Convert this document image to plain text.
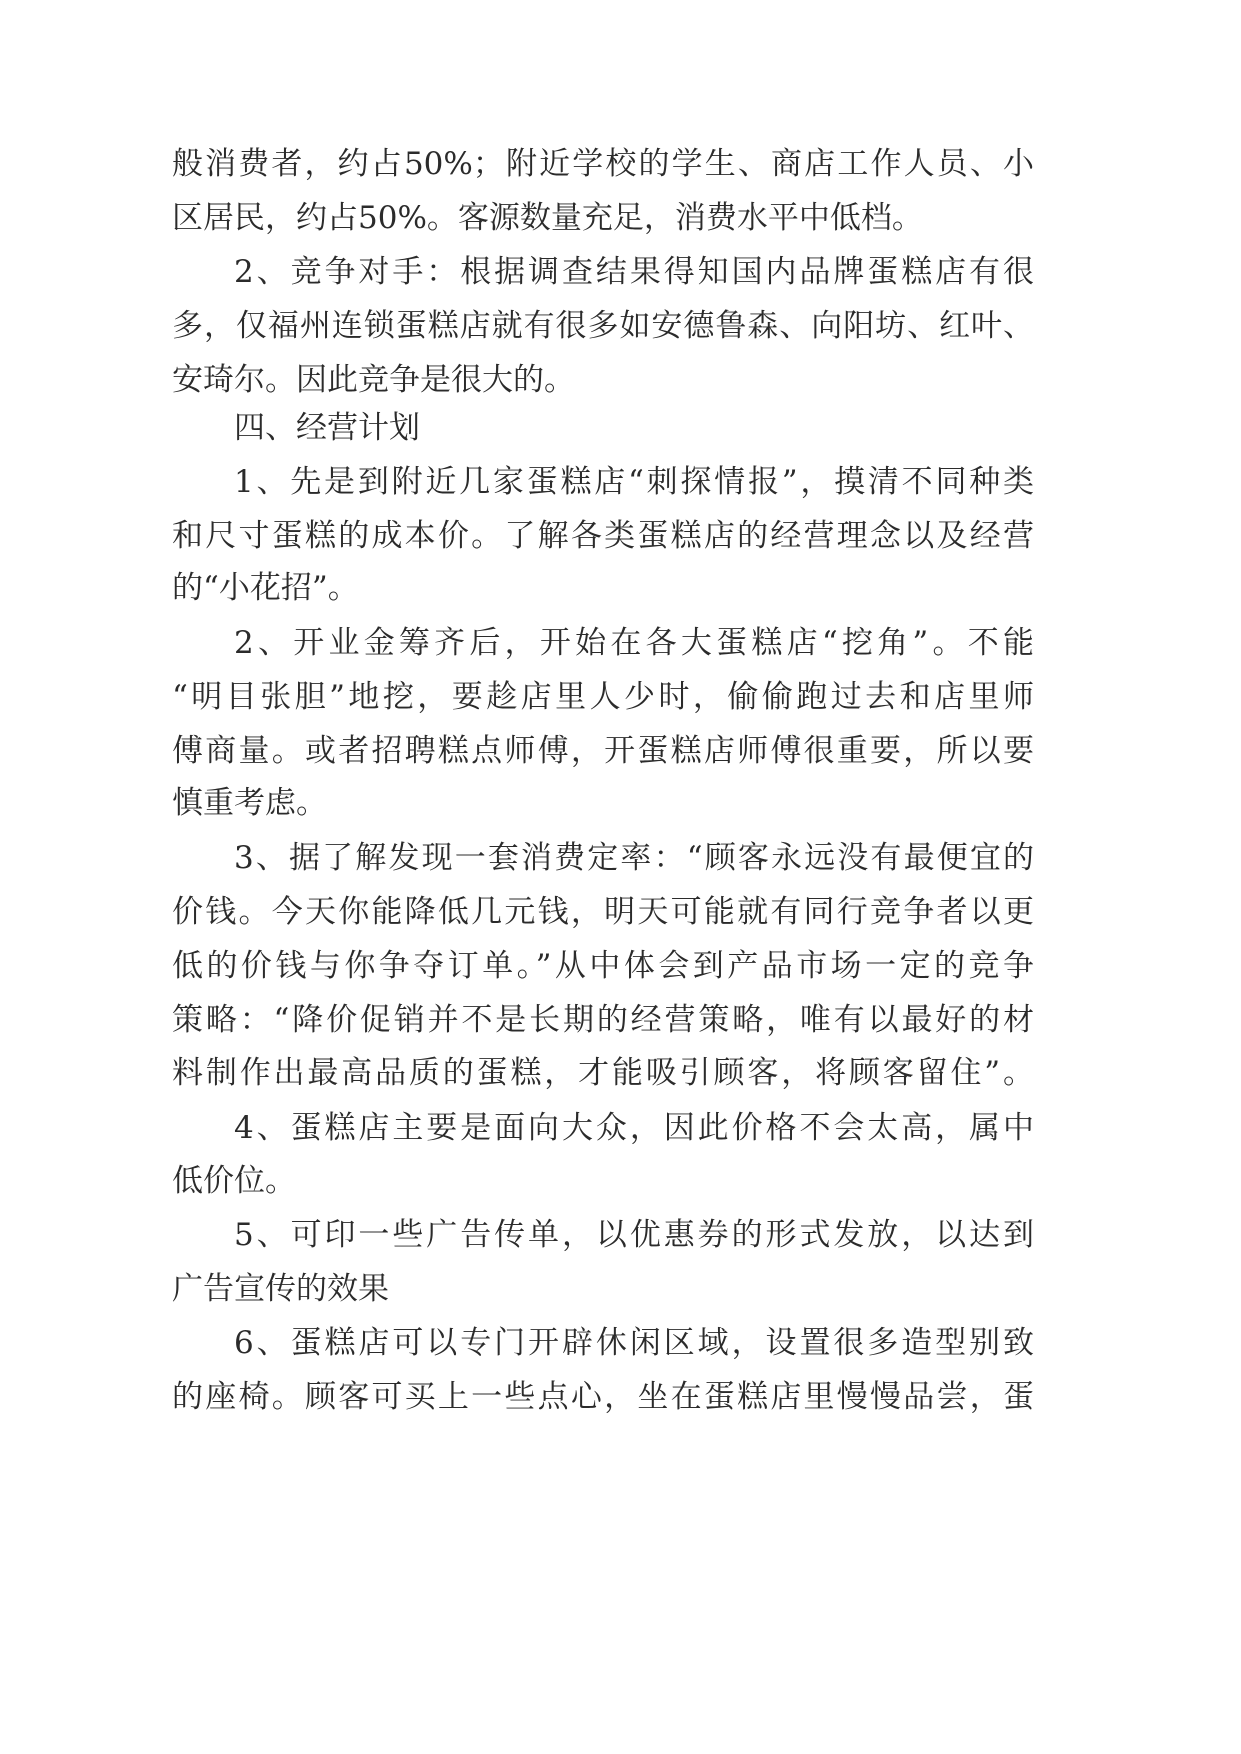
般消费者，约占50%；附近学校的学生、商店工作人员、小
区居民，约占50%。客源数量充足，消费水平中低档。
2、竞争对手：根据调查结果得知国内品牌蛋糕店有很
多，仅福州连锁蛋糕店就有很多如安德鲁森、向阳坊、红叶、
安琦尔。因此竞争是很大的。
四、经营计划
1、先是到附近几家蛋糕店“刺探情报”，摸清不同种类
和尺寸蛋糕的成本价。了解各类蛋糕店的经营理念以及经营
的“小花招”。
2、开业金筹齐后，开始在各大蛋糕店“挖角”。不能
“明目张胆”地挖，要趁店里人少时，偷偷跑过去和店里师
傅商量。或者招聘糕点师傅，开蛋糕店师傅很重要，所以要
慎重考虑。
3、据了解发现一套消费定率：“顾客永远没有最便宜的
价钱。今天你能降低几元钱，明天可能就有同行竞争者以更
低的价钱与你争夺订单。”从中体会到产品市场一定的竞争
策略：“降价促销并不是长期的经营策略，唯有以最好的材
料制作出最高品质的蛋糕，才能吸引顾客，将顾客留住”。
4、蛋糕店主要是面向大众，因此价格不会太高，属中
低价位。
5、可印一些广告传单，以优惠券的形式发放，以达到
广告宣传的效果
6、蛋糕店可以专门开辟休闲区域，设置很多造型别致
的座椅。顾客可买上一些点心，坐在蛋糕店里慢慢品尝，蛋
